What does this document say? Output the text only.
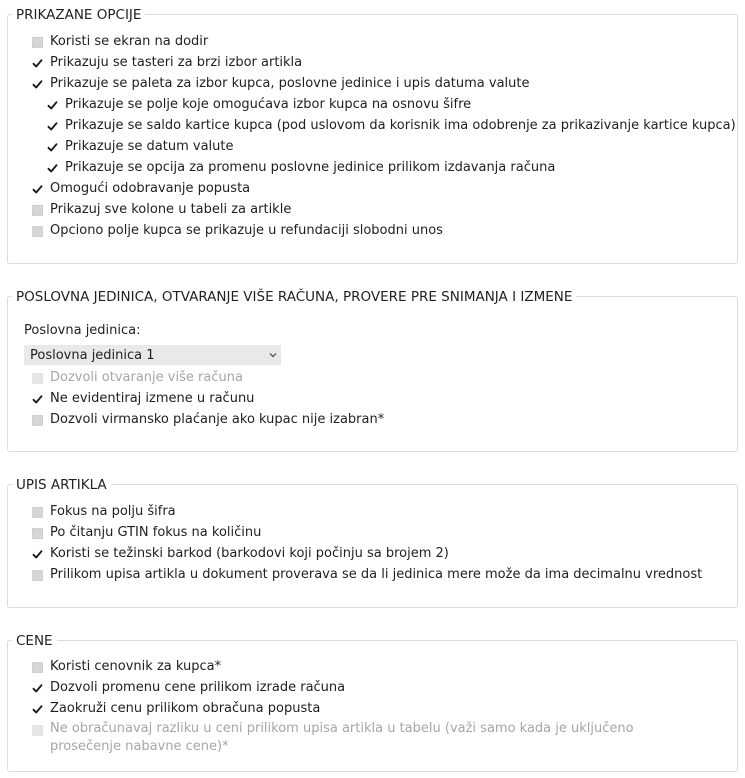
PRIKAZANE OPCIJE
Koristi se ekran na dodir
Prikazuju se tasteri za brzi izbor artikla
Prikazuje se paleta za izbor kupca, poslovne jedinice i upis datuma valute
Prikazuje se polje koje omogućava izbor kupca na osnovu šifre
Prikazuje se saldo kartice kupca (pod uslovom da korisnik ima odobrenje za prikazivanje kartice kupca)
Prikazuje se datum valute
Prikazuje se opcija za promenu poslovne jedinice prilikom izdavanja računa
Omogući odobravanje popusta
Prikazuj sve kolone u tabeli za artikle
Opciono polje kupca se prikazuje u refundaciji slobodni unos
POSLOVNA JEDINICA, OTVARANJE VIŠE RAČUNA, PROVERE PRE SNIMANJA I IZMENE
Poslovna jedinica:
Poslovna jedinica 1
Dozvoli otvaranje više računa
Ne evidentiraj izmene u računu
Dozvoli virmansko plaćanje ako kupac nije izabran*
UPIS ARTIKLA
Fokus na polju šifra
Po čitanju GTIN fokus na količinu
Koristi se težinski barkod (barkodovi koji počinju sa brojem 2)
Prilikom upisa artikla u dokument proverava se da li jedinica mere može da ima decimalnu vrednost
CENE
Koristi cenovnik za kupca*
Dozvoli promenu cene prilikom izrade računa
Zaokruži cenu prilikom obračuna popusta
Ne obračunavaj razliku u ceni prilikom upisa artikla u tabelu (važi samo kada je uključeno prosečenje nabavne cene)*
